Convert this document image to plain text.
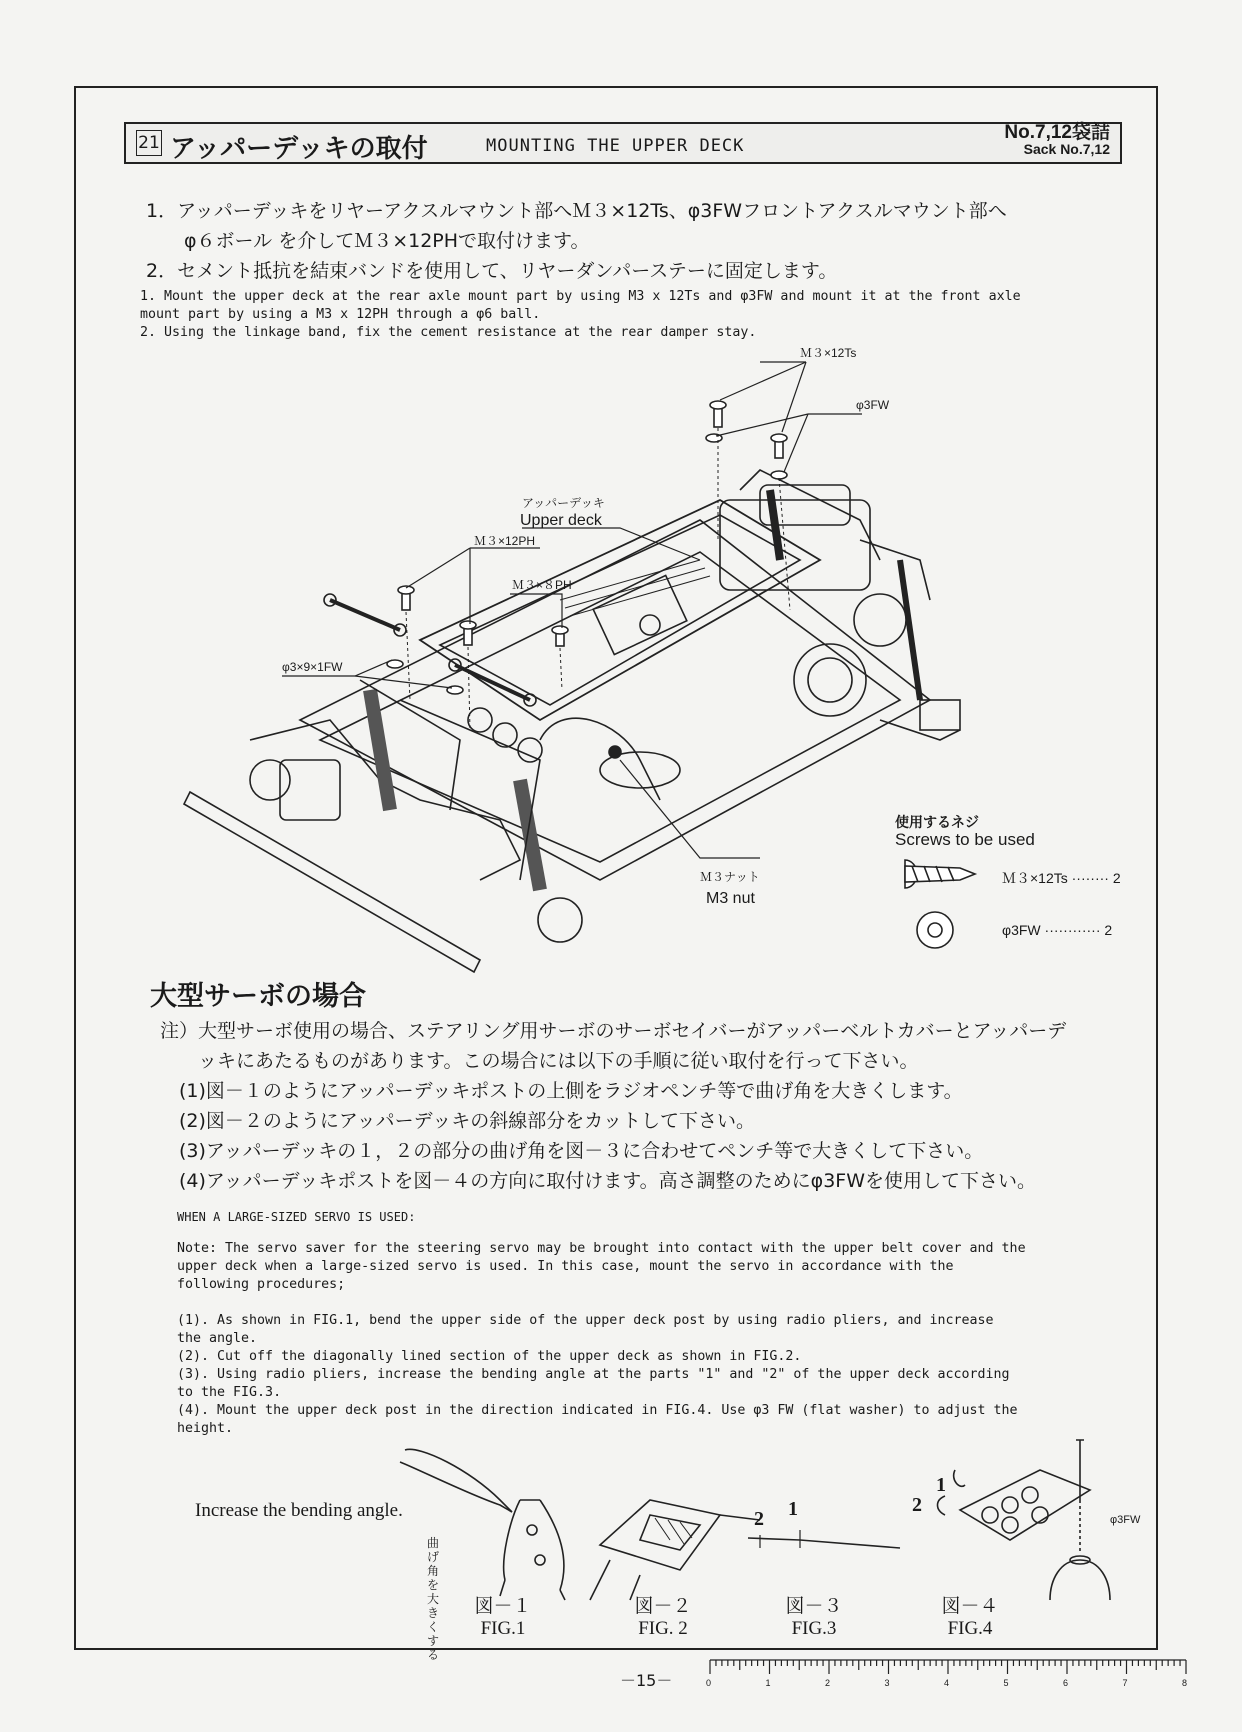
21 アッパーデッキの取付	MOUNTING THE UPPER DECK
No.7,12袋詰
Sack No.7,12
1．アッパーデッキをリヤーアクスルマウント部へＭ３×12Ts、φ3FWフロントアクスルマウント部へ
　　φ６ボール を介してＭ３×12PHで取付けます。
2．セメント抵抗を結束バンドを使用して、リヤーダンパーステーに固定します。
1. Mount the upper deck at the rear axle mount part by using M3 x 12Ts and φ3FW and mount it at the front axle
mount part by using a M3 x 12PH through a φ6 ball.
2. Using the linkage band, fix the cement resistance at the rear damper stay.
Ｍ３×12Ts
φ3FW
アッパーデッキ
Upper deck
Ｍ３×12PH
Ｍ３×８PH
φ3×9×1FW
Ｍ３ナット
M3 nut
使用するネジ
Screws to be used
Ｍ３×12Ts ········ 2
φ3FW ············ 2
大型サーボの場合
注）大型サーボ使用の場合、ステアリング用サーボのサーボセイバーがアッパーベルトカバーとアッパーデ
　　ッキにあたるものがあります。この場合には以下の手順に従い取付を行って下さい。
　(1)図－１のようにアッパーデッキポストの上側をラジオペンチ等で曲げ角を大きくします。
　(2)図－２のようにアッパーデッキの斜線部分をカットして下さい。
　(3)アッパーデッキの１，２の部分の曲げ角を図－３に合わせてペンチ等で大きくして下さい。
　(4)アッパーデッキポストを図－４の方向に取付けます。高さ調整のためにφ3FWを使用して下さい。
WHEN A LARGE-SIZED SERVO IS USED:
Note: The servo saver for the steering servo may be brought into contact with the upper belt cover and the
upper deck when a large-sized servo is used. In this case, mount the servo in accordance with the
following procedures;
(1). As shown in FIG.1, bend the upper side of the upper deck post by using radio pliers, and increase
the angle.
(2). Cut off the diagonally lined section of the upper deck as shown in FIG.2.
(3). Using radio pliers, increase the bending angle at the parts "1" and "2" of the upper deck according
to the FIG.3.
(4). Mount the upper deck post in the direction indicated in FIG.4. Use φ3 FW (flat washer) to adjust the
height.
Increase the bending angle.
曲げ角を大きくする
2 1	2
1
φ3FW
図－１
FIG.1
図－２
FIG. 2
図－３
FIG.3
図－４
FIG.4
－15－	0	1	2	3	4	5	6	7	8
